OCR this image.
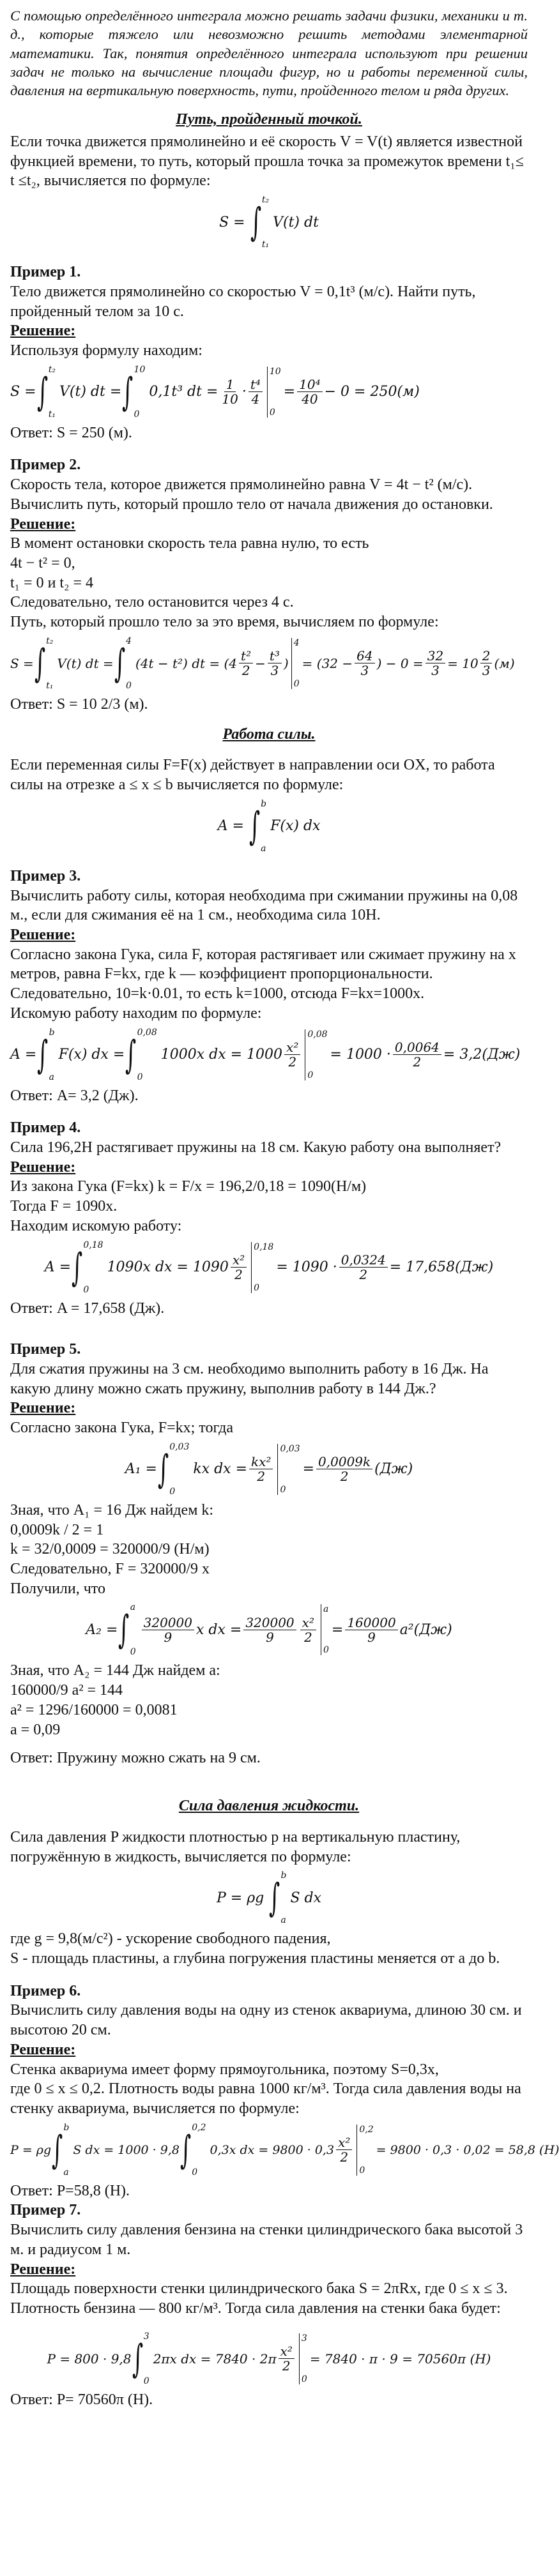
С помощью определённого интеграла можно решать задачи физики, механики и т. д., которые тяжело или невозможно решить методами элементарной математики. Так, понятия определённого интеграла используют при решении задач не только на вычисление площади фигур, но и работы переменной силы, давления на вертикальную поверхность, пути, пройденного телом и ряда других.

Путь, пройденный точкой.

Если точка движется прямолинейно и её скорость V = V(t) является известной функцией времени, то путь, который прошла точка за промежуток времени t₁≤ t ≤t₂, вычисляется по формуле:

S = ∫ t₂
t₁
V(t) dt

Пример 1.

Тело движется прямолинейно со скоростью V = 0,1t³ (м/с). Найти путь, пройденный телом за 10 с.

Решение:

Используя формулу находим:

S = ∫ t₂
t₁
V(t) dt = ∫ 10
0
0,1t³ dt = $\frac{1}{10} \cdot \frac{\text{t⁴}}{4}$
10
0
= $\frac{\text{10⁴}}{40} - 0 = 250(м)$

Ответ: S = 250 (м).

Пример 2.

Скорость тела, которое движется прямолинейно равна V = 4t − t² (м/с). Вычислить путь, который прошло тело от начала движения до остановки.

Решение:

В момент остановки скорость тела равна нулю, то есть

4t − t² = 0,

t₁ = 0 и t₂ = 4

Следовательно, тело остановится через 4 с.

Путь, который прошло тело за это время, вычисляем по формуле:

S = ∫ t₂
t₁
V(t) dt = ∫ 4
0
(4t − t²) dt = ($4 \frac{\text{t²}}{2} - \frac{\text{t³}}{3}$ )
4
0
= ($32 - \frac{64}{3}$ ) − $0 = \frac{32}{3} = 10 \frac{2}{3} (м)$

Ответ: S = 10 2/3 (м).

Работа силы.

Если переменная силы F=F(x) действует в направлении оси OX, то работа силы на отрезке a ≤ x ≤ b вычисляется по формуле:

A = ∫ b
a
F(x) dx

Пример 3.

Вычислить работу силы, которая необходима при сжимании пружины на 0,08 м., если для сжимания её на 1 см., необходима сила 10Н.

Решение:

Согласно закона Гука, сила F, которая растягивает или сжимает пружину на x метров, равна F=kx, где k — коэффициент пропорциональности.

Следовательно, 10=k·0.01, то есть k=1000, отсюда F=kx=1000x.

Искомую работу находим по формуле:

A = ∫ b
a
F(x) dx = ∫ 0,08
0
1000x dx = $1000 \frac{\text{x²}}{2}$
0,08
0
= $1000 \cdot \frac{0,0064}{2} = 3,2(Дж)$

Ответ: A= 3,2 (Дж).

Пример 4.

Сила 196,2Н растягивает пружины на 18 см. Какую работу она выполняет?

Решение:

Из закона Гука (F=kx) k = F/x = 196,2/0,18 = 1090(Н/м)

Тогда F = 1090x.

Находим искомую работу:

A = ∫ 0,18
0
1090x dx = $1090 \frac{\text{x²}}{2}$
0,18
0
= $1090 \cdot \frac{0,0324}{2} = 17,658(Дж)$

Ответ: A = 17,658 (Дж).

Пример 5.

Для сжатия пружины на 3 см. необходимо выполнить работу в 16 Дж. На какую длину можно сжать пружину, выполнив работу в 144 Дж.?

Решение:

Согласно закона Гука, F=kx; тогда

A₁ = ∫ 0,03
0
kx dx = $\frac{\text{kx²}}{2}$
0,03
0
= $\frac{0,0009k}{2} (Дж)$

Зная, что A₁ = 16 Дж найдем k:

0,0009k / 2 = 1

k = 32/0,0009 = 320000/9 (Н/м)

Следовательно, F = 320000/9 x

Получили, что

A₂ = ∫ a
0
$\frac{320000}{9}$ x dx = $\frac{320000}{9} \frac{\text{x²}}{2}$
a
0
= $\frac{160000}{9} a^2(Дж)$

Зная, что A₂ = 144 Дж найдем a:

160000/9 a² = 144

a² = 1296/160000 = 0,0081

a = 0,09

Ответ: Пружину можно сжать на 9 см.

Сила давления жидкости.

Сила давления P жидкости плотностью p на вертикальную пластину, погружённую в жидкость, вычисляется по формуле:

P = ρg ∫ b
a
S dx

где g = 9,8(м/с²) - ускорение свободного падения,

S - площадь пластины, а глубина погружения пластины меняется от a до b.

Пример 6.

Вычислить силу давления воды на одну из стенок аквариума, длиною 30 см. и высотою 20 см.

Решение:

Стенка аквариума имеет форму прямоугольника, поэтому S=0,3x,

где 0 ≤ x ≤ 0,2. Плотность воды равна 1000 кг/м³. Тогда сила давления воды на стенку аквариума, вычисляется по формуле:

P = ρg ∫ b
a
S dx = 1000 · 9,8 ∫ 0,2
0
0,3x dx = $9800 \cdot 0,3 \frac{\text{x²}}{2}$
0,2
0
= 9800 · 0,3 · 0,02 = 58,8 (Н)

Ответ: P=58,8 (Н).

Пример 7.

Вычислить силу давления бензина на стенки цилиндрического бака высотой 3 м. и радиусом 1 м.

Решение:

Площадь поверхности стенки цилиндрического бака S = 2πRx, где 0 ≤ x ≤ 3. Плотность бензина — 800 кг/м³. Тогда сила давления на стенки бака будет:

P = 800 · 9,8 ∫ 3
0
2πx dx = $7840 \cdot 2\pi \frac{\text{x²}}{2}$
3
0
= 7840 · π · 9 = 70560π (Н)

Ответ: P= 70560π (Н).
